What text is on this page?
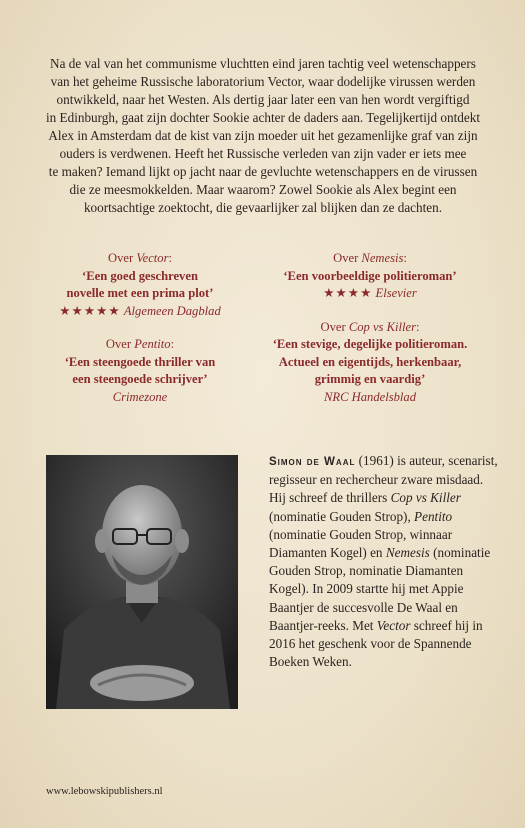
Na de val van het communisme vluchtten eind jaren tachtig veel wetenschappers

van het geheime Russische laboratorium Vector, waar dodelijke virussen werden

ontwikkeld, naar het Westen. Als dertig jaar later een van hen wordt vergiftigd

in Edinburgh, gaat zijn dochter Sookie achter de daders aan. Tegelijkertijd ontdekt

Alex in Amsterdam dat de kist van zijn moeder uit het gezamenlijke graf van zijn

ouders is verdwenen. Heeft het Russische verleden van zijn vader er iets mee

te maken? Iemand lijkt op jacht naar de gevluchte wetenschappers en de virussen

die ze meesmokkelden. Maar waarom? Zowel Sookie als Alex begint een

koortsachtige zoektocht, die gevaarlijker zal blijken dan ze dachten.

Over Vector:
‘Een goed geschreven
novelle met een prima plot’
★★★★★ Algemeen Dagblad
Over Pentito:
‘Een steengoede thriller van
een steengoede schrijver’
Crimezone
Over Nemesis:
‘Een voorbeeldige politieroman’
★★★★ Elsevier
Over Cop vs Killer:
‘Een stevige, degelijke politieroman.
Actueel en eigentijds, herkenbaar,
grimmig en vaardig’
NRC Handelsblad
Simon de Waal (1961) is auteur, scenarist, regisseur en rechercheur zware misdaad. Hij schreef de thrillers Cop vs Killer (nominatie Gouden Strop), Pentito (nominatie Gouden Strop, winnaar Diamanten Kogel) en Nemesis (nominatie Gouden Strop, nominatie Diamanten Kogel). In 2009 startte hij met Appie Baantjer de succesvolle De Waal en Baantjer-reeks. Met Vector schreef hij in 2016 het geschenk voor de Spannende Boeken Weken.
www.lebowskipublishers.nl
